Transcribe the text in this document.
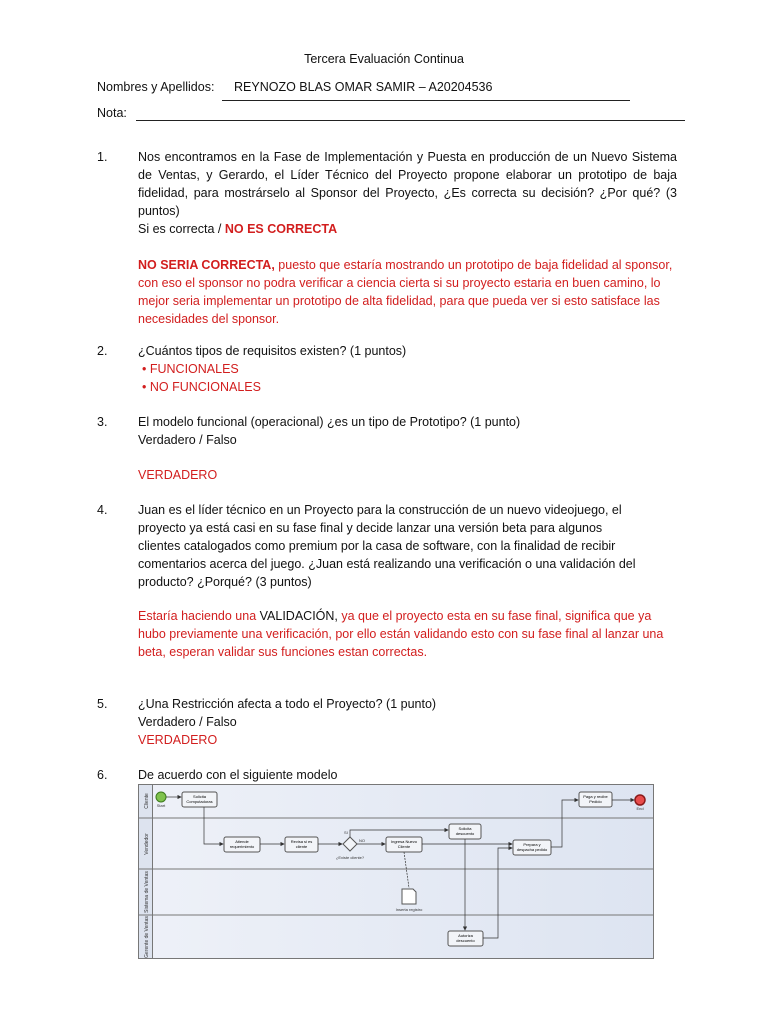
Tercera Evaluación Continua
Nombres y Apellidos: REYNOZO BLAS OMAR SAMIR – A20204536
Nota:
1.	Nos encontramos en la Fase de Implementación y Puesta en producción de un Nuevo Sistema de Ventas, y Gerardo, el Líder Técnico del Proyecto propone elaborar un prototipo de baja fidelidad, para mostrárselo al Sponsor del Proyecto, ¿Es correcta su decisión? ¿Por qué? (3 puntos)
Si es correcta / NO ES CORRECTA
NO SERIA CORRECTA, puesto que estaría mostrando un prototipo de baja fidelidad al sponsor, con eso el sponsor no podra verificar a ciencia cierta si su proyecto estaria en buen camino, lo mejor seria implementar un prototipo de alta fidelidad, para que pueda ver si esto satisface las necesidades del sponsor.
2.	¿Cuántos tipos de requisitos existen? (1 puntos)
• FUNCIONALES
• NO FUNCIONALES
3.	El modelo funcional (operacional) ¿es un tipo de Prototipo? (1 punto)
Verdadero / Falso
VERDADERO
4.	Juan es el líder técnico en un Proyecto para la construcción de un nuevo videojuego, el proyecto ya está casi en su fase final y decide lanzar una versión beta para algunos clientes catalogados como premium por la casa de software, con la finalidad de recibir comentarios acerca del juego. ¿Juan está realizando una verificación o una validación del producto? ¿Porqué? (3 puntos)
Estaría haciendo una VALIDACIÓN, ya que el proyecto esta en su fase final, significa que ya hubo previamente una verificación, por ello están validando esto con su fase final al lanzar una beta, esperan validar sus funciones estan correctas.
5.	¿Una Restricción afecta a todo el Proyecto? (1 punto)
Verdadero / Falso
VERDADERO
6.	De acuerdo con el siguiente modelo
Cliente
Vendedor
Sistema de Ventas
Gerente de Ventas
Start
End
Solicita
Computadoras
Atiende
requerimiento
Revisa si es
cliente
Ingresa Nuevo
Cliente
Solicita
descuento
Prepara y
despacha pedido
Paga y recibe
Pedido
Autoriza
descuento
¿Existe cliente?
SI
NO
Inserta registro
